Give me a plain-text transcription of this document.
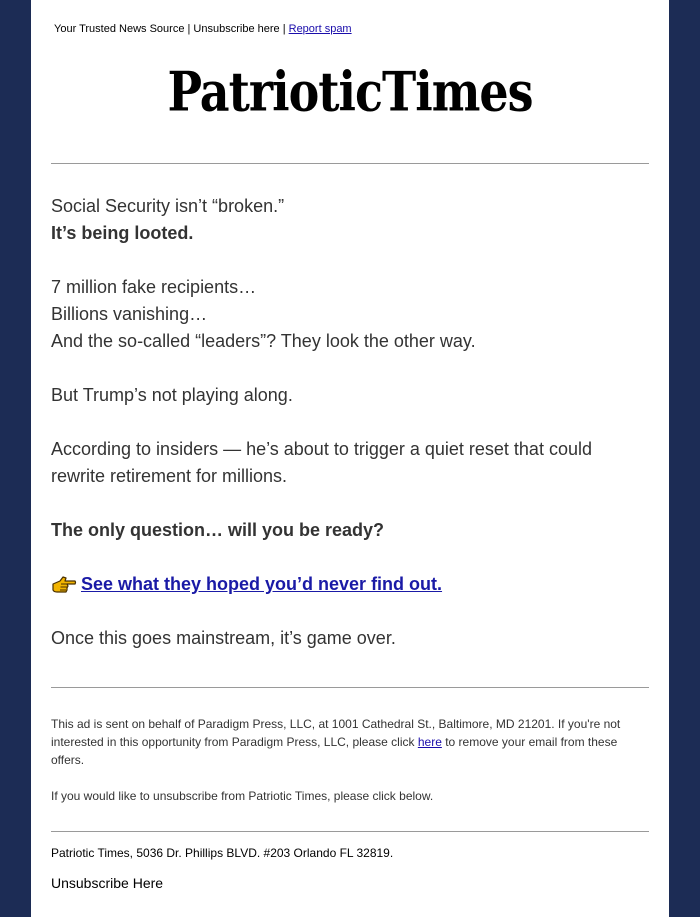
Your Trusted News Source | Unsubscribe here | Report spam
PatrioticTimes

Social Security isn’t “broken.”

It’s being looted.

7 million fake recipients…

Billions vanishing…

And the so-called “leaders”? They look the other way.

But Trump’s not playing along.

According to insiders — he’s about to trigger a quiet reset that could rewrite retirement for millions.

The only question… will you be ready?

See what they hoped you’d never find out.

Once this goes mainstream, it’s game over.

This ad is sent on behalf of Paradigm Press, LLC, at 1001 Cathedral St., Baltimore, MD 21201. If you're not interested in this opportunity from Paradigm Press, LLC, please click here to remove your email from these offers.

If you would like to unsubscribe from Patriotic Times, please click below.

Patriotic Times, 5036 Dr. Phillips BLVD. #203 Orlando FL 32819.
Unsubscribe Here
